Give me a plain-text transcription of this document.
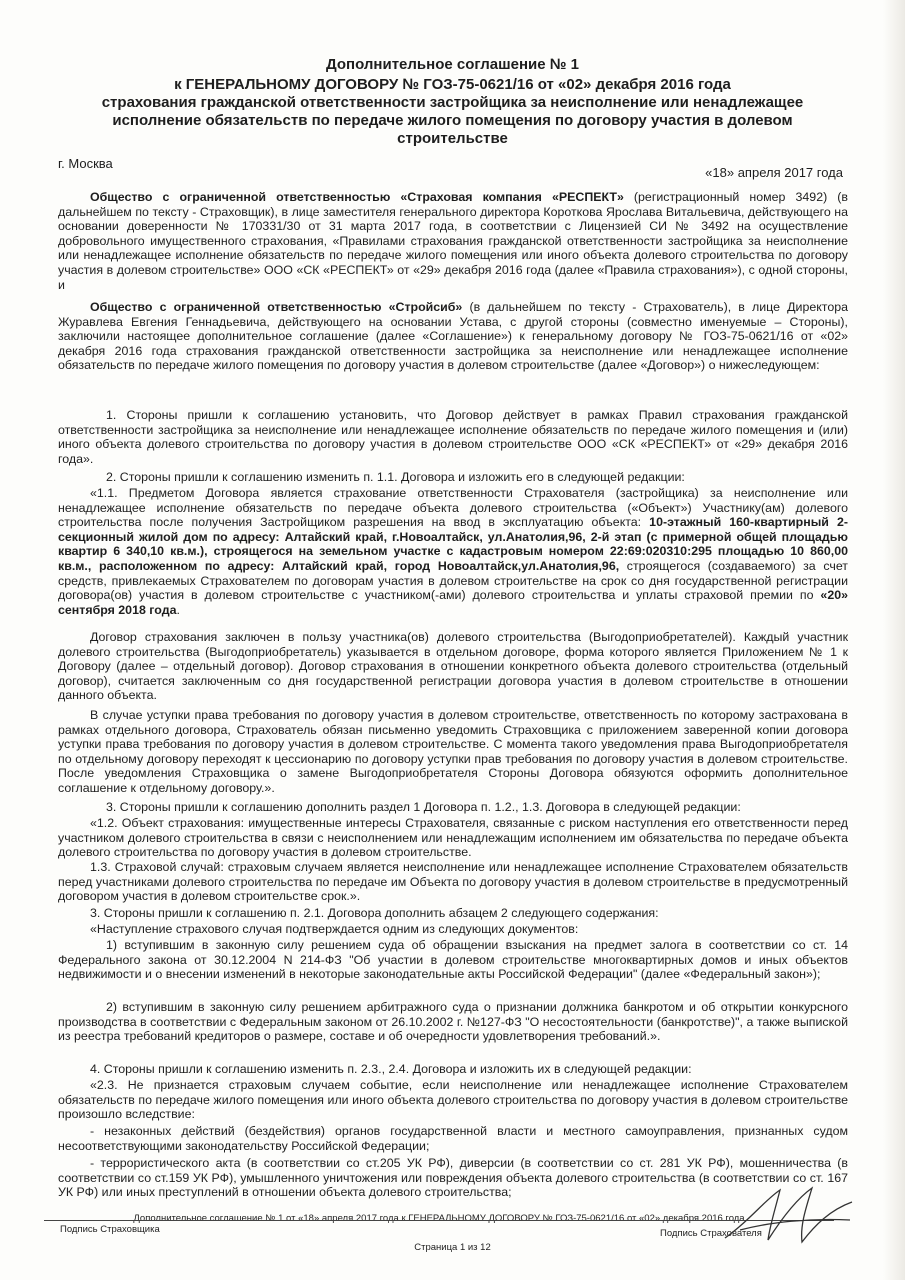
Дополнительное соглашение № 1
к ГЕНЕРАЛЬНОМУ ДОГОВОРУ № ГОЗ-75-0621/16 от «02» декабря 2016 года
страхования гражданской ответственности застройщика за неисполнение или ненадлежащее
исполнение обязательств по передаче жилого помещения по договору участия в долевом
строительстве
г. Москва
«18» апреля 2017 года
Общество с ограниченной ответственностью «Страховая компания «РЕСПЕКТ» (регистрационный номер 3492) (в дальнейшем по тексту - Страховщик), в лице заместителя генерального директора Короткова Ярослава Витальевича, действующего на основании доверенности № 170331/30 от 31 марта 2017 года, в соответствии с Лицензией СИ № 3492 на осуществление добровольного имущественного страхования, «Правилами страхования гражданской ответственности застройщика за неисполнение или ненадлежащее исполнение обязательств по передаче жилого помещения или иного объекта долевого строительства по договору участия в долевом строительстве» ООО «СК «РЕСПЕКТ» от «29» декабря 2016 года (далее «Правила страхования»), с одной стороны, и
Общество с ограниченной ответственностью «Стройсиб» (в дальнейшем по тексту - Страхователь), в лице Директора Журавлева Евгения Геннадьевича, действующего на основании Устава, с другой стороны (совместно именуемые – Стороны), заключили настоящее дополнительное соглашение (далее «Соглашение») к генеральному договору № ГОЗ-75-0621/16 от «02» декабря 2016 года страхования гражданской ответственности застройщика за неисполнение или ненадлежащее исполнение обязательств по передаче жилого помещения по договору участия в долевом строительстве (далее «Договор») о нижеследующем:
1. Стороны пришли к соглашению установить, что Договор действует в рамках Правил страхования гражданской ответственности застройщика за неисполнение или ненадлежащее исполнение обязательств по передаче жилого помещения и (или) иного объекта долевого строительства по договору участия в долевом строительстве ООО «СК «РЕСПЕКТ» от «29» декабря 2016 года».
2. Стороны пришли к соглашению изменить п. 1.1. Договора и изложить его в следующей редакции:
«1.1. Предметом Договора является страхование ответственности Страхователя (застройщика) за неисполнение или ненадлежащее исполнение обязательств по передаче объекта долевого строительства («Объект») Участнику(ам) долевого строительства после получения Застройщиком разрешения на ввод в эксплуатацию объекта: 10-этажный 160-квартирный 2-секционный жилой дом по адресу: Алтайский край, г.Новоалтайск, ул.Анатолия,96, 2-й этап (с примерной общей площадью квартир 6 340,10 кв.м.), строящегося на земельном участке с кадастровым номером 22:69:020310:295 площадью 10 860,00 кв.м., расположенном по адресу: Алтайский край, город Новоалтайск,ул.Анатолия,96, строящегося (создаваемого) за счет средств, привлекаемых Страхователем по договорам участия в долевом строительстве на срок со дня государственной регистрации договора(ов) участия в долевом строительстве с участником(-ами) долевого строительства и уплаты страховой премии по «20» сентября 2018 года.
Договор страхования заключен в пользу участника(ов) долевого строительства (Выгодоприобретателей). Каждый участник долевого строительства (Выгодоприобретатель) указывается в отдельном договоре, форма которого является Приложением № 1 к Договору (далее – отдельный договор). Договор страхования в отношении конкретного объекта долевого строительства (отдельный договор), считается заключенным со дня государственной регистрации договора участия в долевом строительстве в отношении данного объекта.
В случае уступки права требования по договору участия в долевом строительстве, ответственность по которому застрахована в рамках отдельного договора, Страхователь обязан письменно уведомить Страховщика с приложением заверенной копии договора уступки права требования по договору участия в долевом строительстве. С момента такого уведомления права Выгодоприобретателя по отдельному договору переходят к цессионарию по договору уступки прав требования по договору участия в долевом строительстве. После уведомления Страховщика о замене Выгодоприобретателя Стороны Договора обязуются оформить дополнительное соглашение к отдельному договору.».
3. Стороны пришли к соглашению дополнить раздел 1 Договора п. 1.2., 1.3. Договора в следующей редакции:
«1.2. Объект страхования: имущественные интересы Страхователя, связанные с риском наступления его ответственности перед участником долевого строительства в связи с неисполнением или ненадлежащим исполнением им обязательства по передаче объекта долевого строительства по договору участия в долевом строительстве.
1.3. Страховой случай: страховым случаем является неисполнение или ненадлежащее исполнение Страхователем обязательств перед участниками долевого строительства по передаче им Объекта по договору участия в долевом строительстве в предусмотренный договором участия в долевом строительстве срок.».
3. Стороны пришли к соглашению п. 2.1. Договора дополнить абзацем 2 следующего содержания:
«Наступление страхового случая подтверждается одним из следующих документов:
1) вступившим в законную силу решением суда об обращении взыскания на предмет залога в соответствии со ст. 14 Федерального закона от 30.12.2004 N 214-ФЗ "Об участии в долевом строительстве многоквартирных домов и иных объектов недвижимости и о внесении изменений в некоторые законодательные акты Российской Федерации" (далее «Федеральный закон»);
2) вступившим в законную силу решением арбитражного суда о признании должника банкротом и об открытии конкурсного производства в соответствии с Федеральным законом от 26.10.2002 г. №127-ФЗ "О несостоятельности (банкротстве)", а также выпиской из реестра требований кредиторов о размере, составе и об очередности удовлетворения требований.».
4. Стороны пришли к соглашению изменить п. 2.3., 2.4. Договора и изложить их в следующей редакции:
«2.3. Не признается страховым случаем событие, если неисполнение или ненадлежащее исполнение Страхователем обязательств по передаче жилого помещения или иного объекта долевого строительства по договору участия в долевом строительстве произошло вследствие:
- незаконных действий (бездействия) органов государственной власти и местного самоуправления, признанных судом несоответствующими законодательству Российской Федерации;
- террористического акта (в соответствии со ст.205 УК РФ), диверсии (в соответствии со ст. 281 УК РФ), мошенничества (в соответствии со ст.159 УК РФ), умышленного уничтожения или повреждения объекта долевого строительства (в соответствии со ст. 167 УК РФ) или иных преступлений в отношении объекта долевого строительства;
Дополнительное соглашение № 1 от «18» апреля 2017 года к ГЕНЕРАЛЬНОМУ ДОГОВОРУ № ГОЗ-75-0621/16 от «02» декабря 2016 года
Подпись Страховщика	Подпись Страхователя
Страница 1 из 12
